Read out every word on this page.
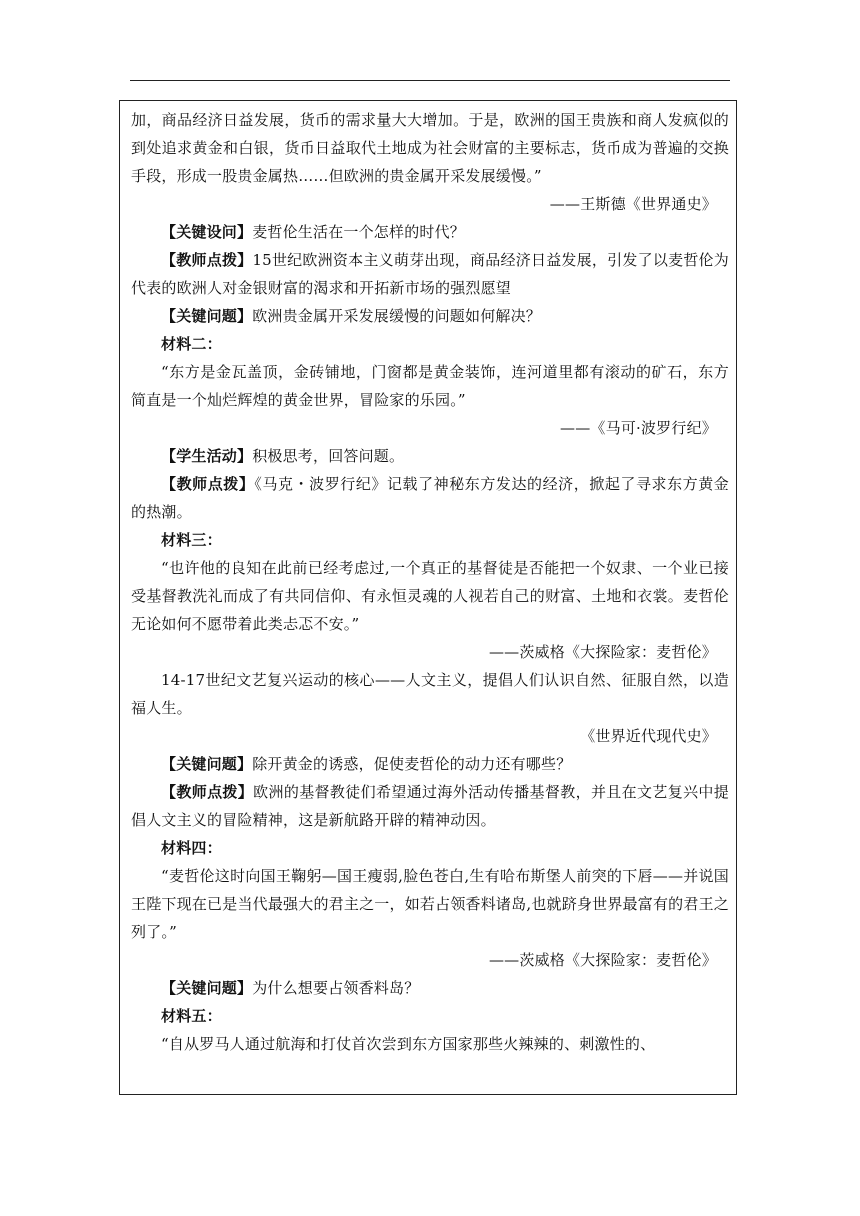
加，商品经济日益发展，货币的需求量大大增加。于是，欧洲的国王贵族和商人发疯似的到处追求黄金和白银，货币日益取代土地成为社会财富的主要标志，货币成为普遍的交换手段，形成一股贵金属热……但欧洲的贵金属开采发展缓慢。”

——王斯德《世界通史》

【关键设问】麦哲伦生活在一个怎样的时代？

【教师点拨】15世纪欧洲资本主义萌芽出现，商品经济日益发展，引发了以麦哲伦为代表的欧洲人对金银财富的渴求和开拓新市场的强烈愿望

【关键问题】欧洲贵金属开采发展缓慢的问题如何解决？

材料二：

“东方是金瓦盖顶，金砖铺地，门窗都是黄金装饰，连河道里都有滚动的矿石，东方简直是一个灿烂辉煌的黄金世界，冒险家的乐园。”

——《马可·波罗行纪》

【学生活动】积极思考，回答问题。

【教师点拨】《马克・波罗行纪》记载了神秘东方发达的经济，掀起了寻求东方黄金的热潮。

材料三：

“也许他的良知在此前已经考虑过,一个真正的基督徒是否能把一个奴隶、一个业已接受基督教洗礼而成了有共同信仰、有永恒灵魂的人视若自己的财富、土地和衣裳。麦哲伦无论如何不愿带着此类忐忑不安。”

——茨威格《大探险家：麦哲伦》

14-17世纪文艺复兴运动的核心——人文主义，提倡人们认识自然、征服自然，以造福人生。

《世界近代现代史》

【关键问题】除开黄金的诱惑，促使麦哲伦的动力还有哪些？

【教师点拨】欧洲的基督教徒们希望通过海外活动传播基督教，并且在文艺复兴中提倡人文主义的冒险精神，这是新航路开辟的精神动因。

材料四：

“麦哲伦这时向国王鞠躬—国王瘦弱,脸色苍白,生有哈布斯堡人前突的下唇——并说国王陛下现在已是当代最强大的君主之一，如若占领香料诸岛,也就跻身世界最富有的君王之列了。”

——茨威格《大探险家：麦哲伦》

【关键问题】为什么想要占领香料岛？

材料五：

“自从罗马人通过航海和打仗首次尝到东方国家那些火辣辣的、刺激性的、
